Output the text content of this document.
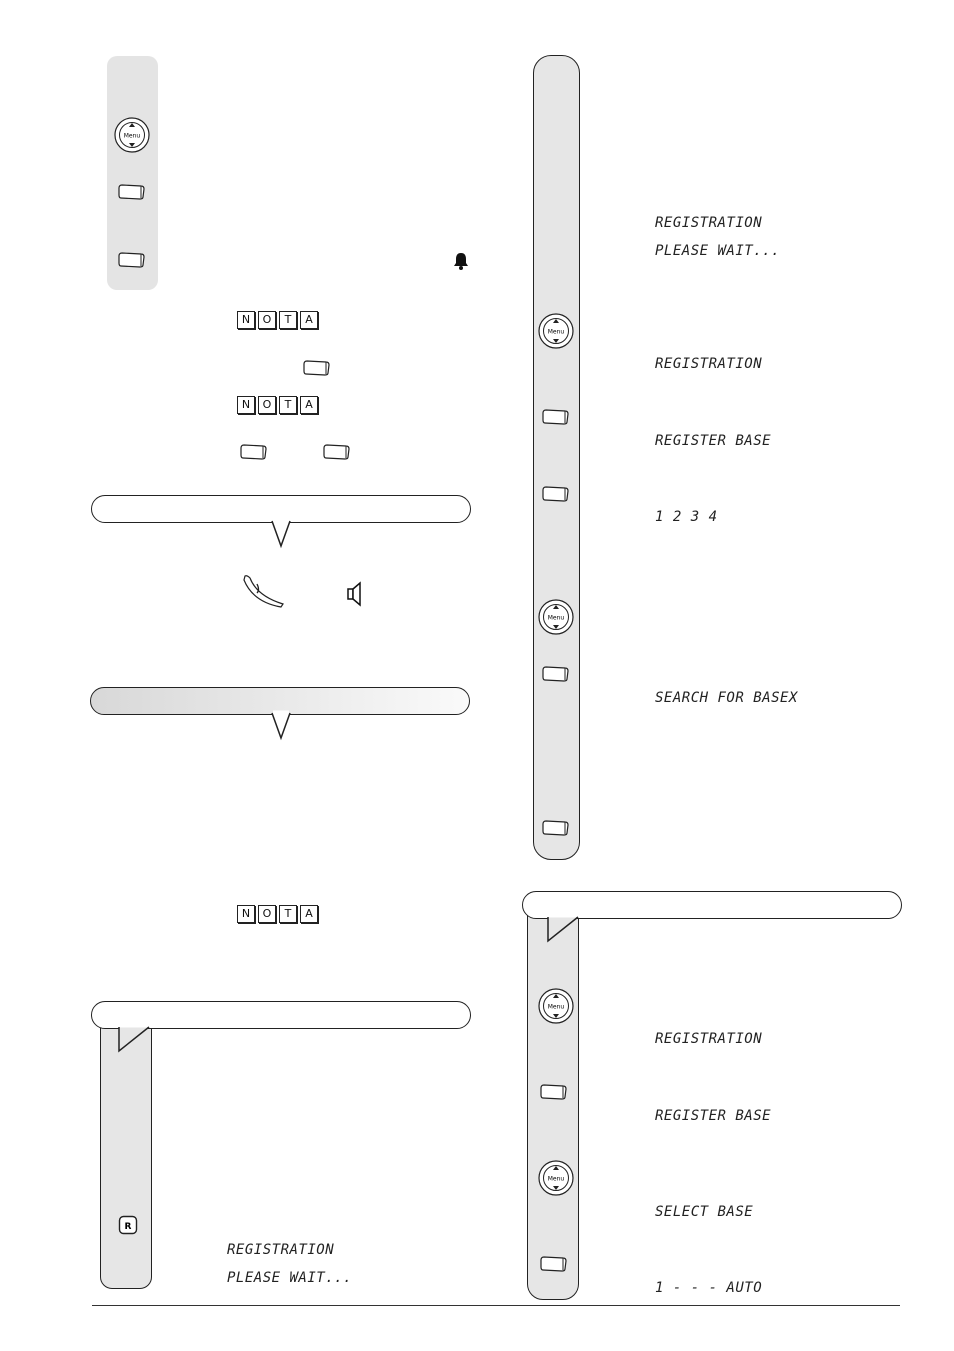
Menu
N	O	T	A
N	O	T	A
N	O	T	A
R
REGISTRATION
PLEASE WAIT...
REGISTRATION
PLEASE WAIT...
Menu
REGISTRATION
REGISTER BASE
1 2 3 4
Menu
SEARCH FOR BASEX
Menu
REGISTRATION
REGISTER BASE
Menu
SELECT BASE
1 - - - AUTO
